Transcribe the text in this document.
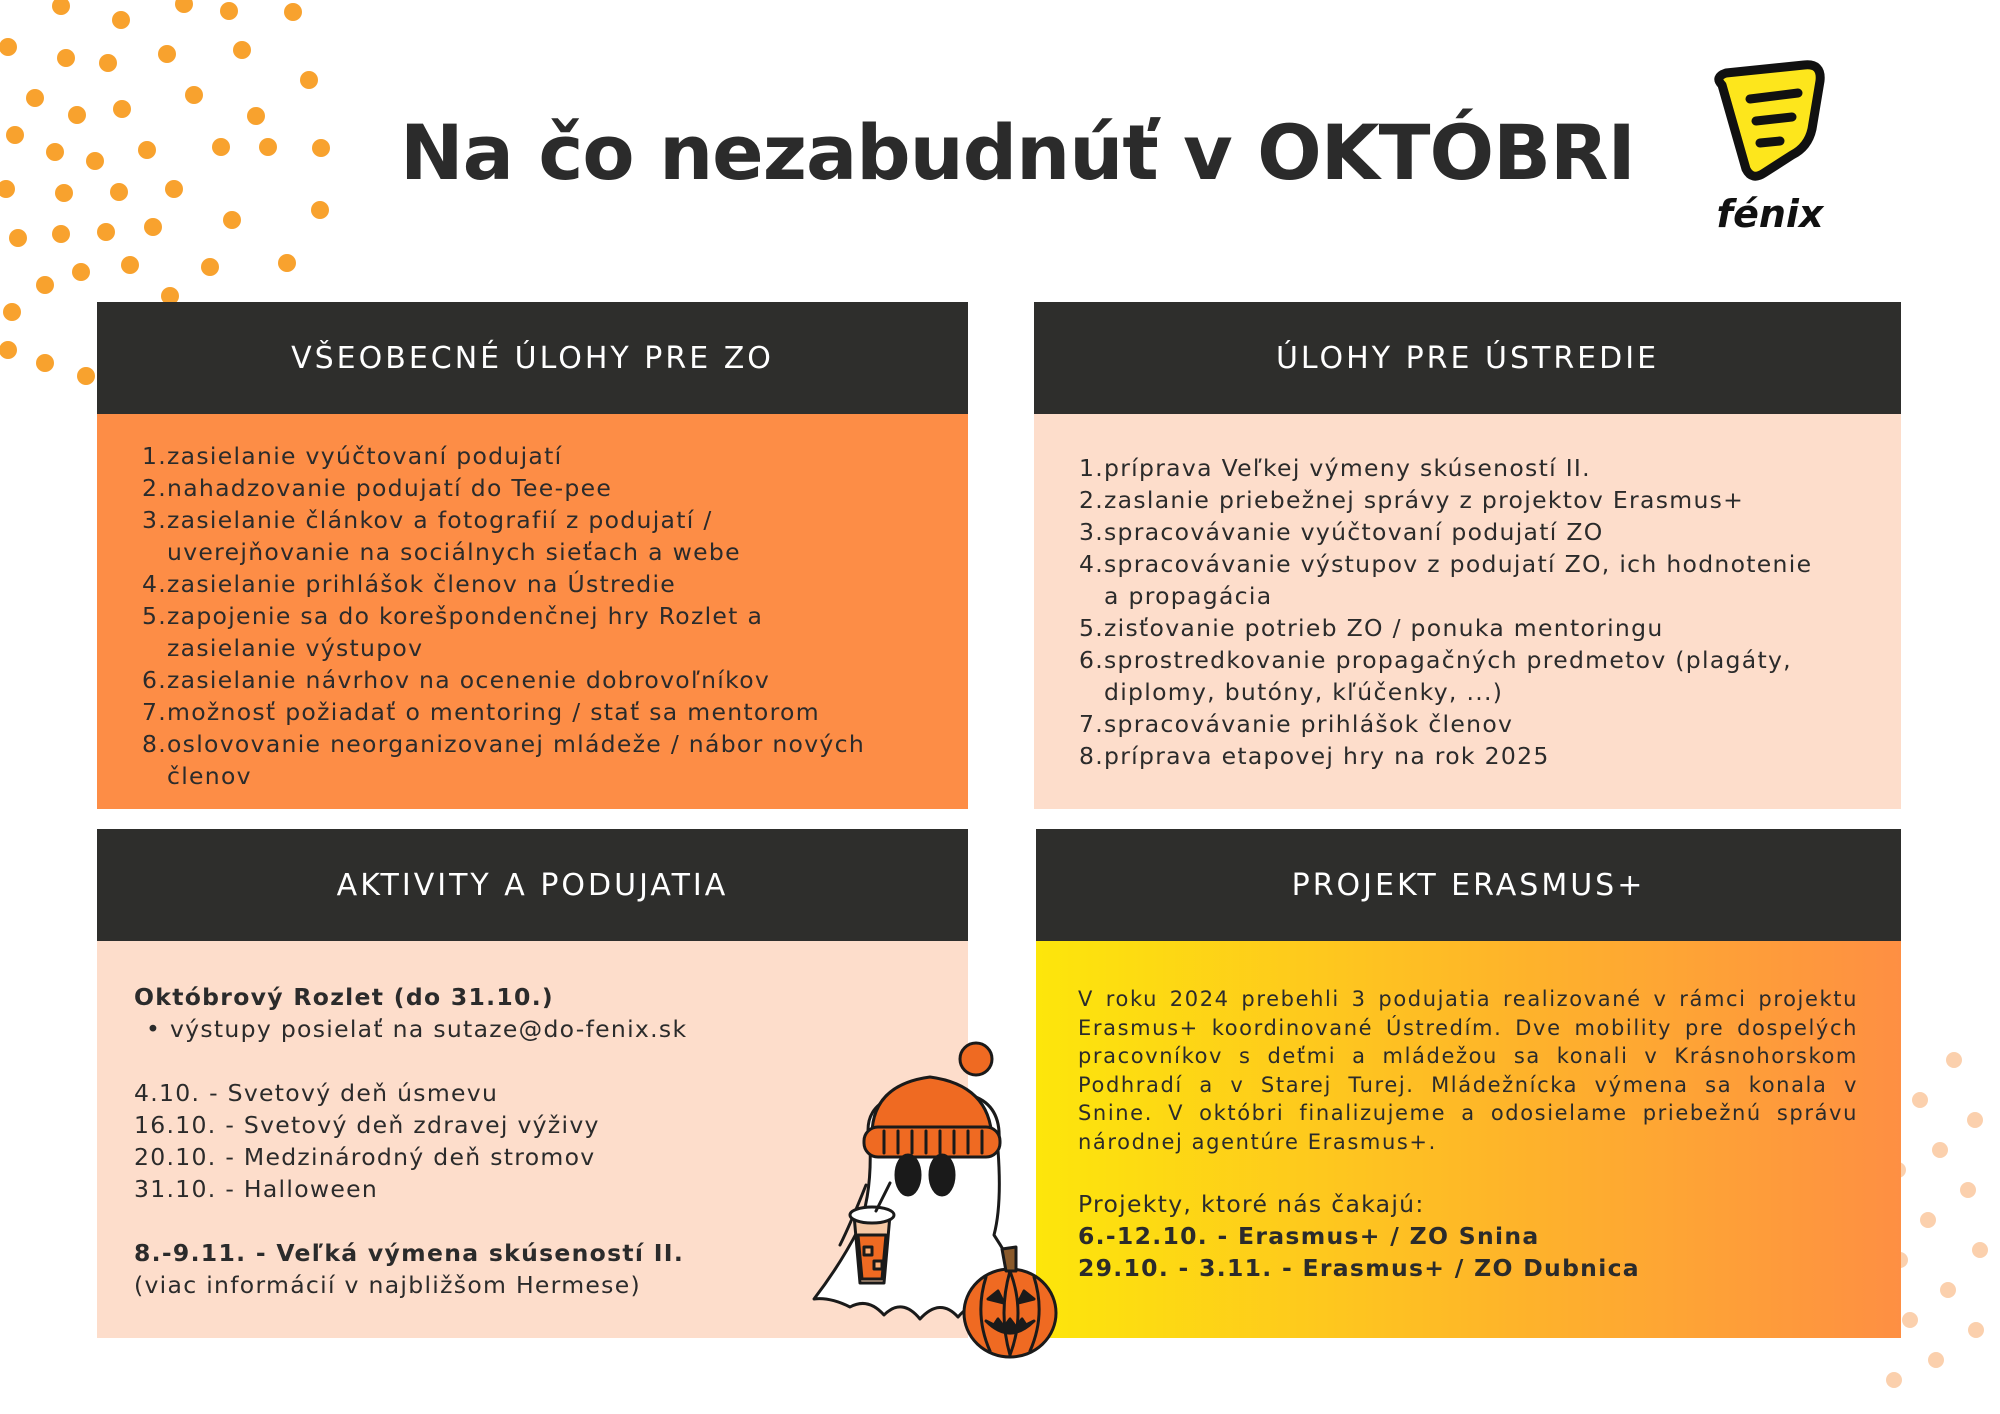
Na čo nezabudnúť v OKTÓBRI
fénix
VŠEOBECNÉ ÚLOHY PRE ZO
1. zasielanie vyúčtovaní podujatí
2. nahadzovanie podujatí do Tee-pee
3. zasielanie článkov a fotografií z podujatí /
uverejňovanie na sociálnych sieťach a webe
4. zasielanie prihlášok členov na Ústredie
5. zapojenie sa do korešpondenčnej hry Rozlet a
zasielanie výstupov
6. zasielanie návrhov na ocenenie dobrovoľníkov
7. možnosť požiadať o mentoring / stať sa mentorom
8. oslovovanie neorganizovanej mládeže / nábor nových
členov
ÚLOHY PRE ÚSTREDIE
1. príprava Veľkej výmeny skúseností II.
2. zaslanie priebežnej správy z projektov Erasmus+
3. spracovávanie vyúčtovaní podujatí ZO
4. spracovávanie výstupov z podujatí ZO, ich hodnotenie
a propagácia
5. zisťovanie potrieb ZO / ponuka mentoringu
6. sprostredkovanie propagačných predmetov (plagáty,
diplomy, butóny, kľúčenky, ...)
7. spracovávanie prihlášok členov
8. príprava etapovej hry na rok 2025
AKTIVITY A PODUJATIA
Októbrový Rozlet (do 31.10.)
• výstupy posielať na sutaze@do-fenix.sk
4.10. - Svetový deň úsmevu
16.10. - Svetový deň zdravej výživy
20.10. - Medzinárodný deň stromov
31.10. - Halloween
8.-9.11. - Veľká výmena skúseností II.
(viac informácií v najbližšom Hermese)
PROJEKT ERASMUS+
V roku 2024 prebehli 3 podujatia realizované v rámci projektu Erasmus+ koordinované Ústredím. Dve mobility pre dospelých pracovníkov s deťmi a mládežou sa konali v Krásnohorskom Podhradí a v Starej Turej. Mládežnícka výmena sa konala v Snine. V októbri finalizujeme a odosielame priebežnú správu národnej agentúre Erasmus+.
Projekty, ktoré nás čakajú:
6.-12.10. - Erasmus+ / ZO Snina
29.10. - 3.11. - Erasmus+ / ZO Dubnica
